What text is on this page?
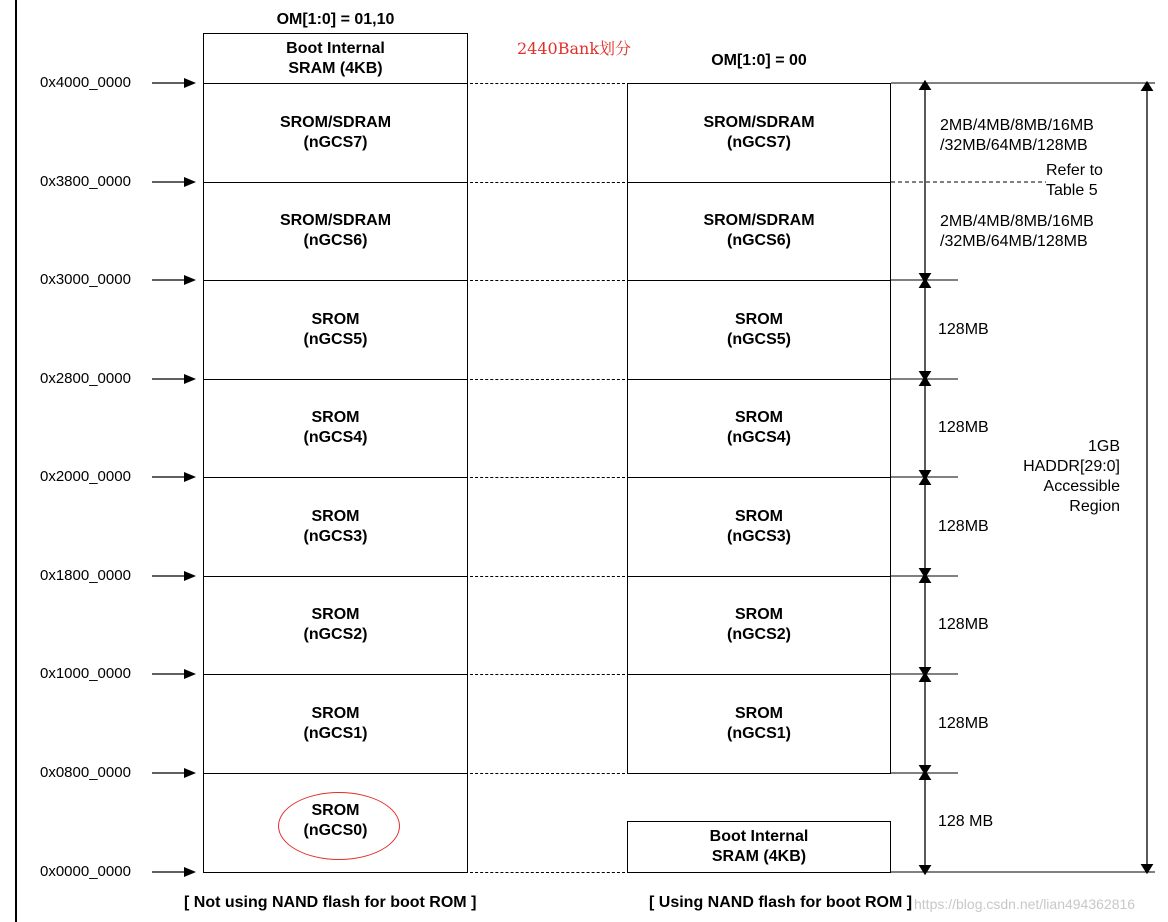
OM[1:0] = 01,10
2440Bank划分
OM[1:0] = 00
Boot Internal
SRAM (4KB)
Boot Internal
SRAM (4KB)
0x4000_0000
0x3800_0000
0x3000_0000
0x2800_0000
0x2000_0000
0x1800_0000
0x1000_0000
0x0800_0000
0x0000_0000
SROM/SDRAM
(nGCS7)
SROM/SDRAM
(nGCS6)
SROM
(nGCS5)
SROM
(nGCS4)
SROM
(nGCS3)
SROM
(nGCS2)
SROM
(nGCS1)
SROM
(nGCS0)
SROM/SDRAM
(nGCS7)
SROM/SDRAM
(nGCS6)
SROM
(nGCS5)
SROM
(nGCS4)
SROM
(nGCS3)
SROM
(nGCS2)
SROM
(nGCS1)
2MB/4MB/8MB/16MB
/32MB/64MB/128MB
Refer to
Table 5
2MB/4MB/8MB/16MB
/32MB/64MB/128MB
128MB
128MB
128MB
128MB
128MB
128 MB
1GB
HADDR[29:0]
Accessible
Region
[ Not using NAND flash for boot ROM ]	[ Using NAND flash for boot ROM ] https://blog.csdn.net/lian494362816
